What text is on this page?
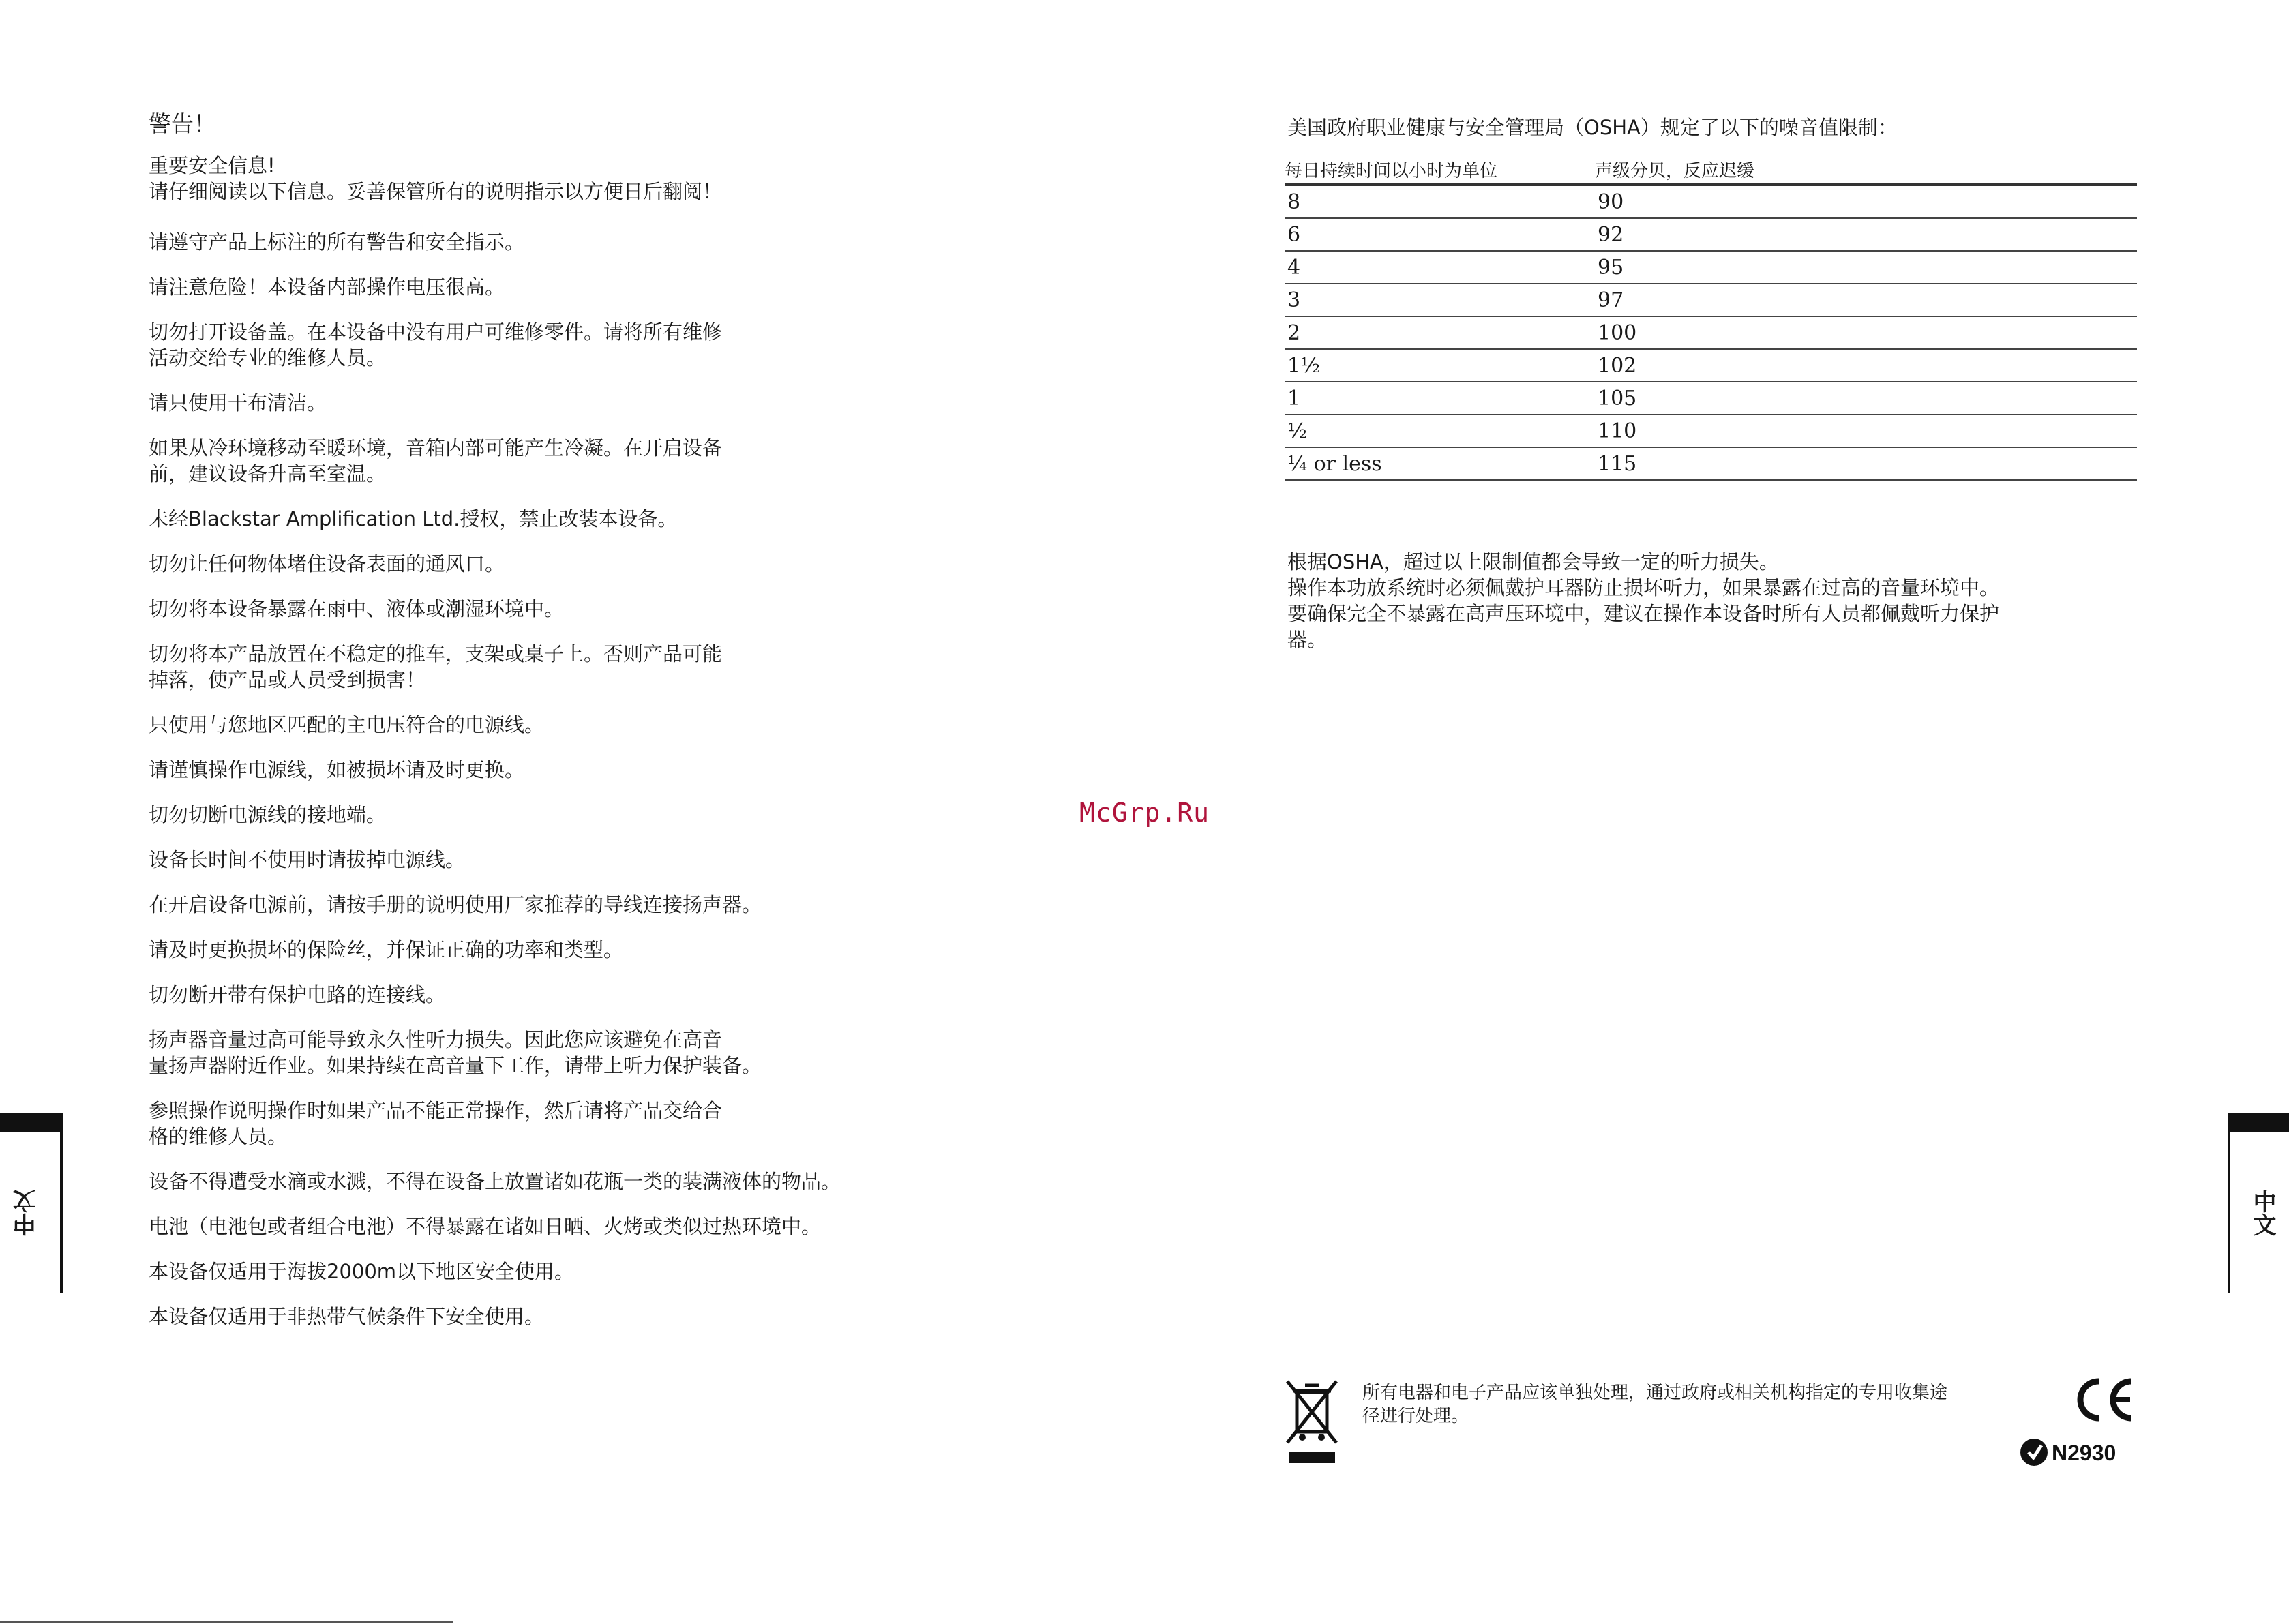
警告！
重要安全信息!
请仔细阅读以下信息。妥善保管所有的说明指示以方便日后翻阅！
请遵守产品上标注的所有警告和安全指示。
请注意危险！本设备内部操作电压很高。
切勿打开设备盖。在本设备中没有用户可维修零件。请将所有维修
活动交给专业的维修人员。
请只使用干布清洁。
如果从冷环境移动至暖环境，音箱内部可能产生冷凝。在开启设备
前，建议设备升高至室温。
未经Blackstar Amplification Ltd.授权，禁止改装本设备。
切勿让任何物体堵住设备表面的通风口。
切勿将本设备暴露在雨中、液体或潮湿环境中。
切勿将本产品放置在不稳定的推车，支架或桌子上。否则产品可能
掉落，使产品或人员受到损害！
只使用与您地区匹配的主电压符合的电源线。
请谨慎操作电源线，如被损坏请及时更换。
切勿切断电源线的接地端。
设备长时间不使用时请拔掉电源线。
在开启设备电源前，请按手册的说明使用厂家推荐的导线连接扬声器。
请及时更换损坏的保险丝，并保证正确的功率和类型。
切勿断开带有保护电路的连接线。
扬声器音量过高可能导致永久性听力损失。因此您应该避免在高音
量扬声器附近作业。如果持续在高音量下工作，请带上听力保护装备。
参照操作说明操作时如果产品不能正常操作，然后请将产品交给合
格的维修人员。
设备不得遭受水滴或水溅，不得在设备上放置诸如花瓶一类的装满液体的物品。
电池（电池包或者组合电池）不得暴露在诸如日晒、火烤或类似过热环境中。
本设备仅适用于海拔2000m以下地区安全使用。
本设备仅适用于非热带气候条件下安全使用。
中文
McGrp.Ru
美国政府职业健康与安全管理局（OSHA）规定了以下的噪音值限制：
每日持续时间以小时为单位	声级分贝，反应迟缓
8	90
6	92
4	95
3	97
2	100
1½	102
1	105
½	110
¼ or less	115
根据OSHA，超过以上限制值都会导致一定的听力损失。
操作本功放系统时必须佩戴护耳器防止损坏听力，如果暴露在过高的音量环境中。
要确保完全不暴露在高声压环境中，建议在操作本设备时所有人员都佩戴听力保护
器。
所有电器和电子产品应该单独处理，通过政府或相关机构指定的专用收集途径进行处理。
N2930
中文
